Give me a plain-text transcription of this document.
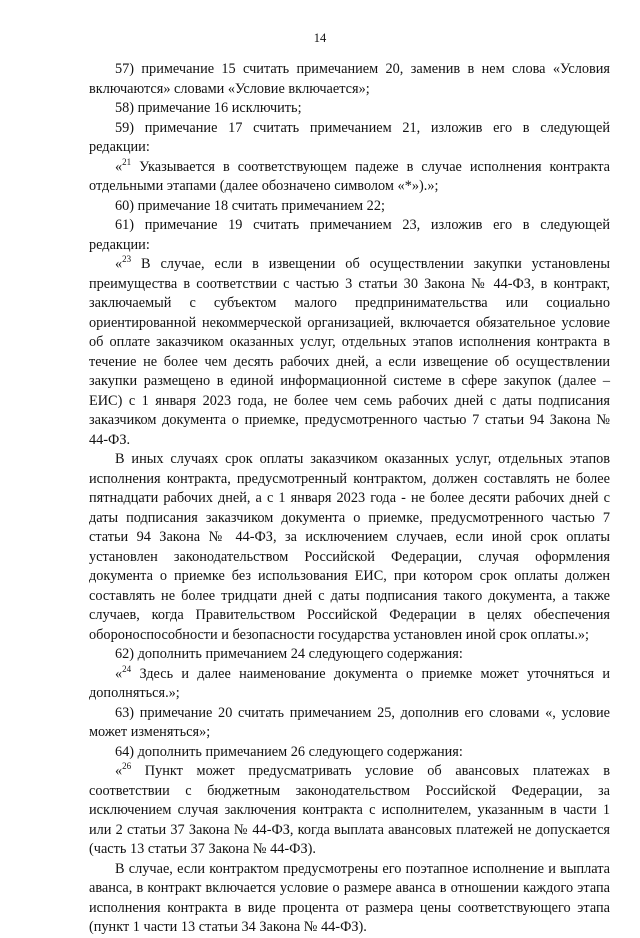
14

57) примечание 15 считать примечанием 20, заменив в нем слова «Условия включаются» словами «Условие включается»;

58) примечание 16 исключить;

59) примечание 17 считать примечанием 21, изложив его в следующей редакции:

«$^{21}$ Указывается в соответствующем падеже в случае исполнения контракта отдельными этапами (далее обозначено символом «*»).»;

60) примечание 18 считать примечанием 22;

61) примечание 19 считать примечанием 23, изложив его в следующей редакции:

«$^{23}$ В случае, если в извещении об осуществлении закупки установлены преимущества в соответствии с частью 3 статьи 30 Закона № 44-ФЗ, в контракт, заключаемый с субъектом малого предпринимательства или социально ориентированной некоммерческой организацией, включается обязательное условие об оплате заказчиком оказанных услуг, отдельных этапов исполнения контракта в течение не более чем десять рабочих дней, а если извещение об осуществлении закупки размещено в единой информационной системе в сфере закупок (далее – ЕИС) с 1 января 2023 года, не более чем семь рабочих дней с даты подписания заказчиком документа о приемке, предусмотренного частью 7 статьи 94 Закона № 44-ФЗ.

В иных случаях срок оплаты заказчиком оказанных услуг, отдельных этапов исполнения контракта, предусмотренный контрактом, должен составлять не более пятнадцати рабочих дней, а с 1 января 2023 года - не более десяти рабочих дней с даты подписания заказчиком документа о приемке, предусмотренного частью 7 статьи 94 Закона № 44-ФЗ, за исключением случаев, если иной срок оплаты установлен законодательством Российской Федерации, случая оформления документа о приемке без использования ЕИС, при котором срок оплаты должен составлять не более тридцати дней с даты подписания такого документа, а также случаев, когда Правительством Российской Федерации в целях обеспечения обороноспособности и безопасности государства установлен иной срок оплаты.»;

62) дополнить примечанием 24 следующего содержания:

«$^{24}$ Здесь и далее наименование документа о приемке может уточняться и дополняться.»;

63) примечание 20 считать примечанием 25, дополнив его словами «, условие может изменяться»;

64) дополнить примечанием 26 следующего содержания:

«$^{26}$ Пункт может предусматривать условие об авансовых платежах в соответствии с бюджетным законодательством Российской Федерации, за исключением случая заключения контракта с исполнителем, указанным в части 1 или 2 статьи 37 Закона № 44-ФЗ, когда выплата авансовых платежей не допускается (часть 13 статьи 37 Закона № 44-ФЗ).

В случае, если контрактом предусмотрены его поэтапное исполнение и выплата аванса, в контракт включается условие о размере аванса в отношении каждого этапа исполнения контракта в виде процента от размера цены соответствующего этапа (пункт 1 части 13 статьи 34 Закона № 44-ФЗ).
